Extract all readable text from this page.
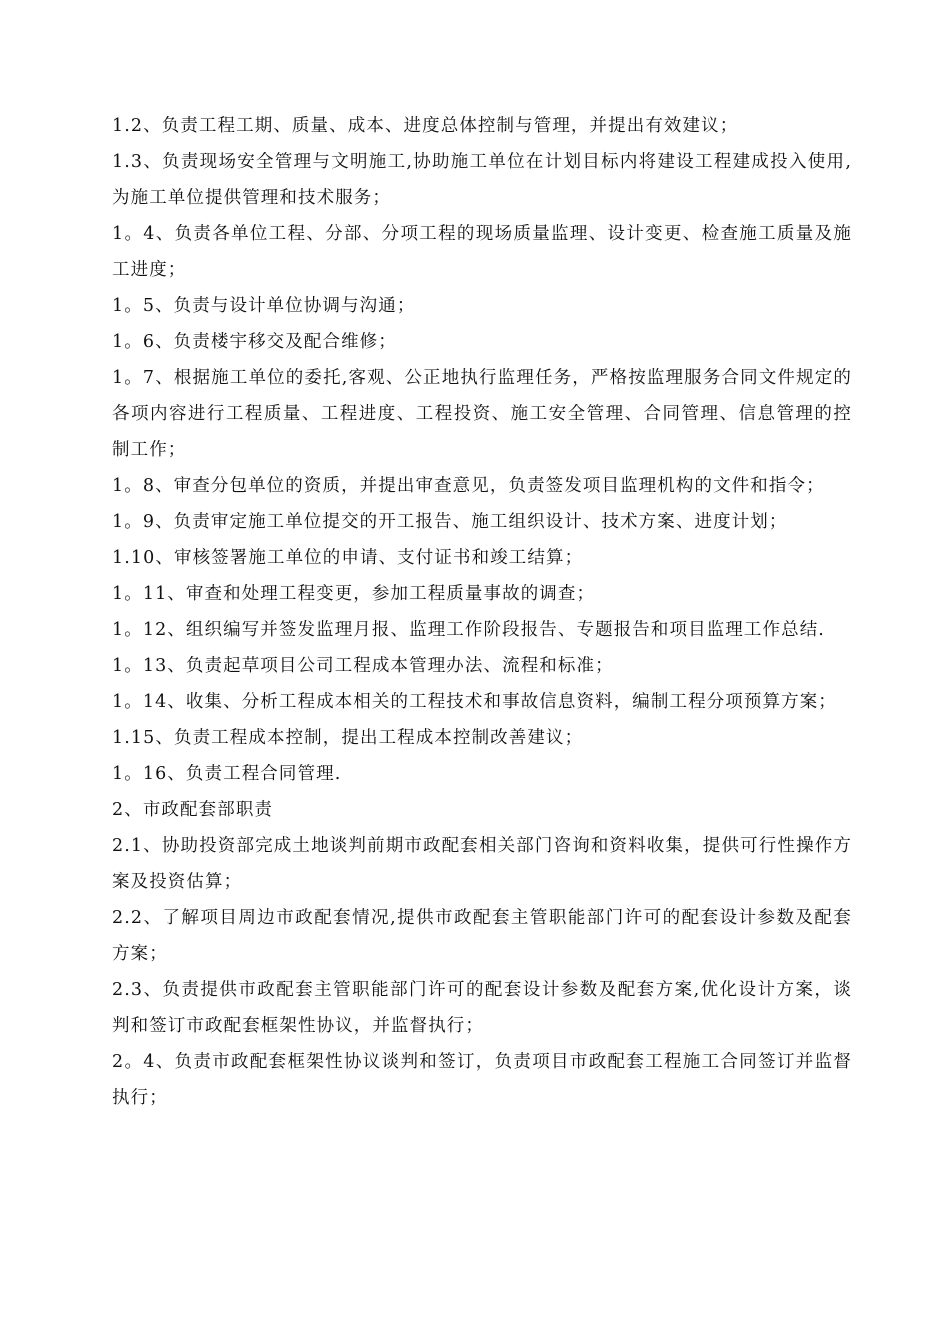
1.2、负责工程工期、质量、成本、进度总体控制与管理，并提出有效建议；

1.3、负责现场安全管理与文明施工,协助施工单位在计划目标内将建设工程建成投入使用,为施工单位提供管理和技术服务；

1。4、负责各单位工程、分部、分项工程的现场质量监理、设计变更、检查施工质量及施工进度；

1。5、负责与设计单位协调与沟通；

1。6、负责楼宇移交及配合维修；

1。7、根据施工单位的委托,客观、公正地执行监理任务，严格按监理服务合同文件规定的各项内容进行工程质量、工程进度、工程投资、施工安全管理、合同管理、信息管理的控制工作；

1。8、审查分包单位的资质，并提出审查意见，负责签发项目监理机构的文件和指令；

1。9、负责审定施工单位提交的开工报告、施工组织设计、技术方案、进度计划；

1.10、审核签署施工单位的申请、支付证书和竣工结算；

1。11、审查和处理工程变更，参加工程质量事故的调查；

1。12、组织编写并签发监理月报、监理工作阶段报告、专题报告和项目监理工作总结.

1。13、负责起草项目公司工程成本管理办法、流程和标准；

1。14、收集、分析工程成本相关的工程技术和事故信息资料，编制工程分项预算方案；

1.15、负责工程成本控制，提出工程成本控制改善建议；

1。16、负责工程合同管理.

2、市政配套部职责

2.1、协助投资部完成土地谈判前期市政配套相关部门咨询和资料收集，提供可行性操作方案及投资估算；

2.2、了解项目周边市政配套情况,提供市政配套主管职能部门许可的配套设计参数及配套方案；

2.3、负责提供市政配套主管职能部门许可的配套设计参数及配套方案,优化设计方案，谈判和签订市政配套框架性协议，并监督执行；

2。4、负责市政配套框架性协议谈判和签订，负责项目市政配套工程施工合同签订并监督执行；
